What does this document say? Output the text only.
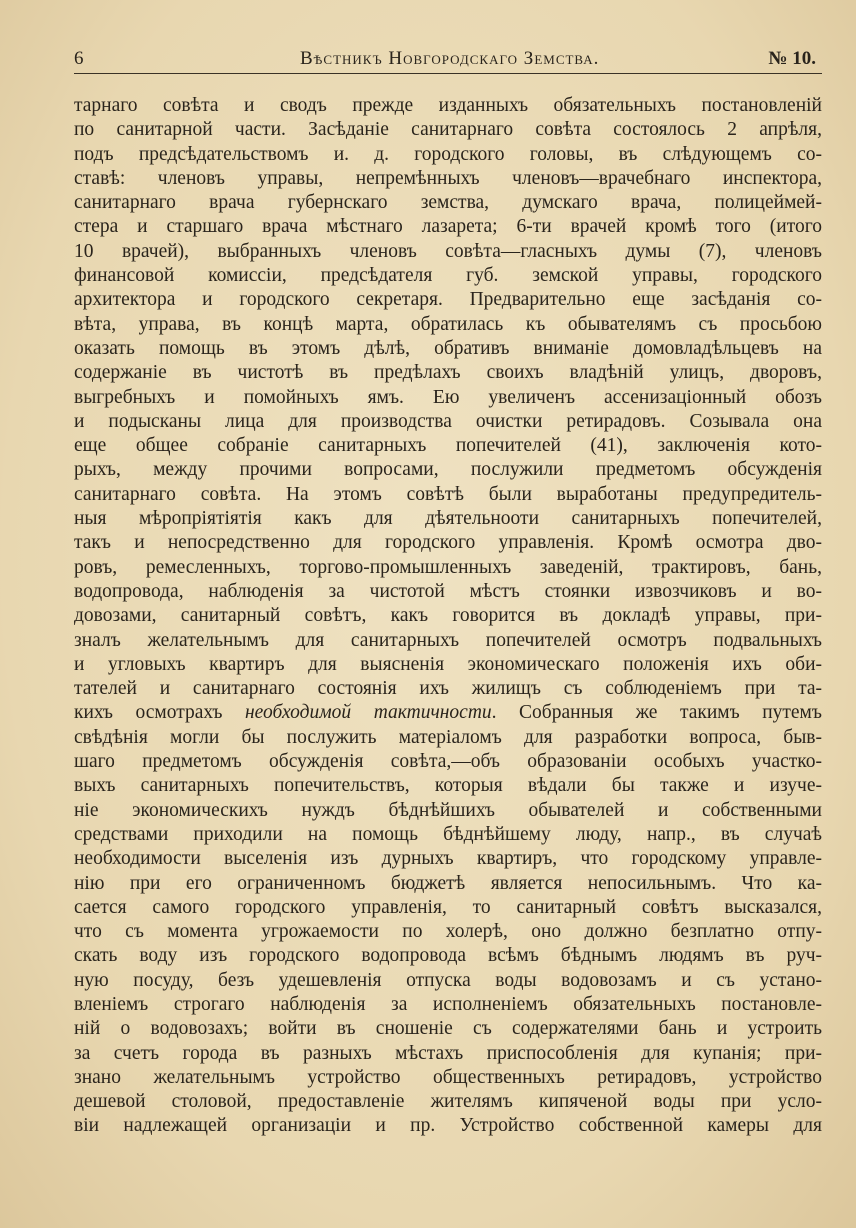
6	Вѣстникъ Новгородскаго Земства.	№ 10.
тарнаго совѣта и сводъ прежде изданныхъ обязательныхъ постановленій
по санитарной части. Засѣданіе санитарнаго совѣта состоялось 2 апрѣля,
подъ предсѣдательствомъ и. д. городского головы, въ слѣдующемъ со-
ставѣ: членовъ управы, непремѣнныхъ членовъ—врачебнаго инспектора,
санитарнаго врача губернскаго земства, думскаго врача, полицеймей-
стера и старшаго врача мѣстнаго лазарета; 6-ти врачей кромѣ того (итого
10 врачей), выбранныхъ членовъ совѣта—гласныхъ думы (7), членовъ
финансовой комиссіи, предсѣдателя губ. земской управы, городского
архитектора и городского секретаря. Предварительно еще засѣданія со-
вѣта, управа, въ концѣ марта, обратилась къ обывателямъ съ просьбою
оказать помощь въ этомъ дѣлѣ, обративъ вниманіе домовладѣльцевъ на
содержаніе въ чистотѣ въ предѣлахъ своихъ владѣній улицъ, дворовъ,
выгребныхъ и помойныхъ ямъ. Ею увеличенъ ассенизаціонный обозъ
и подысканы лица для производства очистки ретирадовъ. Созывала она
еще общее собраніе санитарныхъ попечителей (41), заключенія кото-
рыхъ, между прочими вопросами, послужили предметомъ обсужденія
санитарнаго совѣта. На этомъ совѣтѣ были выработаны предупредитель-
ныя мѣропріятіятія какъ для дѣятельнооти санитарныхъ попечителей,
такъ и непосредственно для городского управленія. Кромѣ осмотра дво-
ровъ, ремесленныхъ, торгово-промышленныхъ заведеній, трактировъ, бань,
водопровода, наблюденія за чистотой мѣстъ стоянки извозчиковъ и во-
довозами, санитарный совѣтъ, какъ говорится въ докладѣ управы, при-
зналъ желательнымъ для санитарныхъ попечителей осмотръ подвальныхъ
и угловыхъ квартиръ для выясненія экономическаго положенія ихъ оби-
тателей и санитарнаго состоянія ихъ жилищъ съ соблюденіемъ при та-
кихъ осмотрахъ необходимой тактичности. Собранныя же такимъ путемъ
свѣдѣнія могли бы послужить матеріаломъ для разработки вопроса, быв-
шаго предметомъ обсужденія совѣта,—объ образованіи особыхъ участко-
выхъ санитарныхъ попечительствъ, которыя вѣдали бы также и изуче-
ніе экономическихъ нуждъ бѣднѣйшихъ обывателей и собственными
средствами приходили на помощь бѣднѣйшему люду, напр., въ случаѣ
необходимости выселенія изъ дурныхъ квартиръ, что городскому управле-
нію при его ограниченномъ бюджетѣ является непосильнымъ. Что ка-
сается самого городского управленія, то санитарный совѣтъ высказался,
что съ момента угрожаемости по холерѣ, оно должно безплатно отпу-
скать воду изъ городского водопровода всѣмъ бѣднымъ людямъ въ руч-
ную посуду, безъ удешевленія отпуска воды водовозамъ и съ устано-
вленіемъ строгаго наблюденія за исполненіемъ обязательныхъ постановле-
ній о водовозахъ; войти въ сношеніе съ содержателями бань и устроить
за счетъ города въ разныхъ мѣстахъ приспособленія для купанія; при-
знано желательнымъ устройство общественныхъ ретирадовъ, устройство
дешевой столовой, предоставленіе жителямъ кипяченой воды при усло-
віи надлежащей организаціи и пр. Устройство собственной камеры для
